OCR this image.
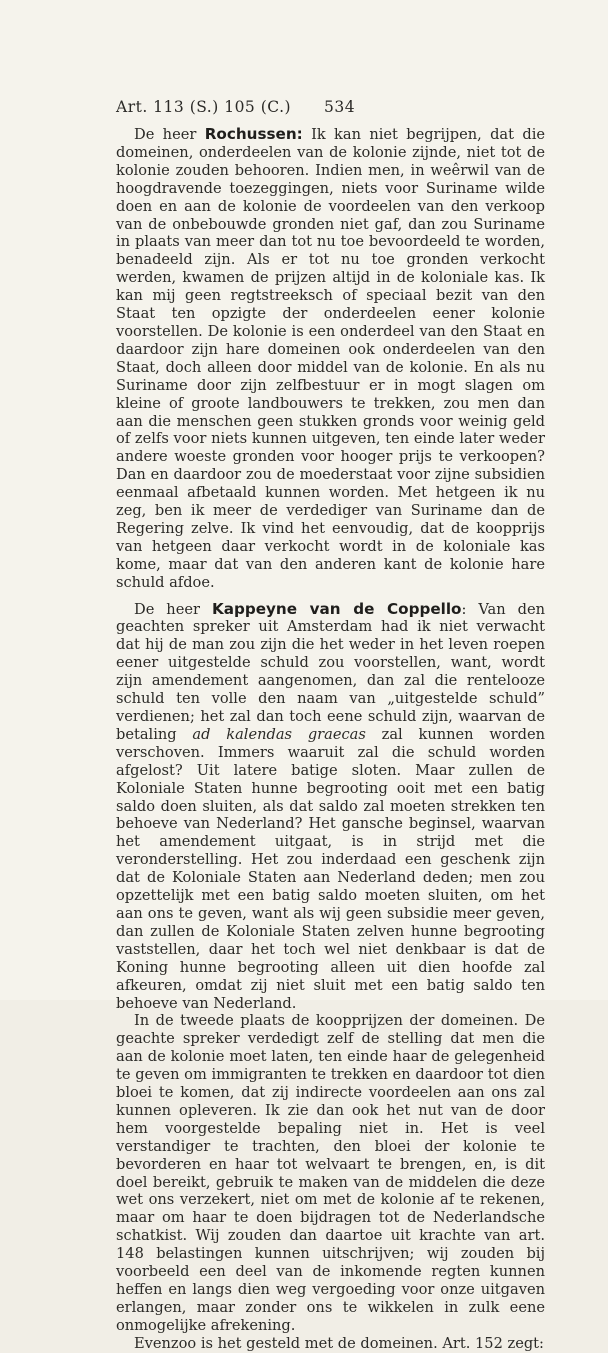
Art. 113 (S.) 105 (C.) 534

De heer Rochussen: Ik kan niet begrijpen, dat die domeinen, onderdeelen van de kolonie zijnde, niet tot de kolonie zouden behooren. Indien men, in weêrwil van de hoogdravende toezeggingen, niets voor Suriname wilde doen en aan de kolonie de voordeelen van den verkoop van de onbebouwde gronden niet gaf, dan zou Suriname in plaats van meer dan tot nu toe bevoordeeld te worden, benadeeld zijn. Als er tot nu toe gronden verkocht werden, kwamen de prijzen altijd in de koloniale kas. Ik kan mij geen regtstreeksch of speciaal bezit van den Staat ten opzigte der onderdeelen eener kolonie voorstellen. De kolonie is een onderdeel van den Staat en daardoor zijn hare domeinen ook onderdeelen van den Staat, doch alleen door middel van de kolonie. En als nu Suriname door zijn zelfbestuur er in mogt slagen om kleine of groote landbouwers te trekken, zou men dan aan die menschen geen stukken gronds voor weinig geld of zelfs voor niets kunnen uitgeven, ten einde later weder andere woeste gronden voor hooger prijs te verkoopen? Dan en daardoor zou de moederstaat voor zijne subsidien eenmaal afbetaald kunnen worden. Met hetgeen ik nu zeg, ben ik meer de verdediger van Suriname dan de Regering zelve. Ik vind het eenvoudig, dat de koopprijs van hetgeen daar verkocht wordt in de koloniale kas kome, maar dat van den anderen kant de kolonie hare schuld afdoe.

De heer Kappeyne van de Coppello: Van den geachten spreker uit Amsterdam had ik niet verwacht dat hij de man zou zijn die het weder in het leven roepen eener uitgestelde schuld zou voorstellen, want, wordt zijn amendement aangenomen, dan zal die renteloozе schuld ten volle den naam van „uitgestelde schuld” verdienen; het zal dan toch eene schuld zijn, waarvan de betaling ad kalendas graecas zal kunnen worden verschoven. Immers waaruit zal die schuld worden afgelost? Uit latere batige sloten. Maar zullen de Koloniale Staten hunne begrooting ooit met een batig saldo doen sluiten, als dat saldo zal moeten strekken ten behoeve van Nederland? Het gansche beginsel, waarvan het amendement uitgaat, is in strijd met die veronderstelling. Het zou inderdaad een geschenk zijn dat de Koloniale Staten aan Nederland deden; men zou opzettelijk met een batig saldo moeten sluiten, om het aan ons te geven, want als wij geen subsidie meer geven, dan zullen de Koloniale Staten zelven hunne begrooting vaststellen, daar het toch wel niet denkbaar is dat de Koning hunne begrooting alleen uit dien hoofde zal afkeuren, omdat zij niet sluit met een batig saldo ten behoeve van Nederland.

In de tweede plaats de koopprijzen der domeinen. De geachte spreker verdedigt zelf de stelling dat men die aan de kolonie moet laten, ten einde haar de gelegenheid te geven om immigranten te trekken en daardoor tot dien bloei te komen, dat zij indirecte voordeelen aan ons zal kunnen opleveren. Ik zie dan ook het nut van de door hem voorgestelde bepaling niet in. Het is veel verstandiger te trachten, den bloei der kolonie te bevorderen en haar tot welvaart te brengen, en, is dit doel bereikt, gebruik te maken van de middelen die deze wet ons verzekert, niet om met de kolonie af te rekenen, maar om haar te doen bijdragen tot de Nederlandsche schatkist. Wij zouden dan daartoe uit krachte van art. 148 belastingen kunnen uitschrijven; wij zouden bij voorbeeld een deel van de inkomende regten kunnen heffen en langs dien weg vergoeding voor onze uitgaven erlangen, maar zonder ons te wikkelen in zulk eene onmogelijke afrekening.

Evenzoo is het gesteld met de domeinen. Art. 152 zegt:
